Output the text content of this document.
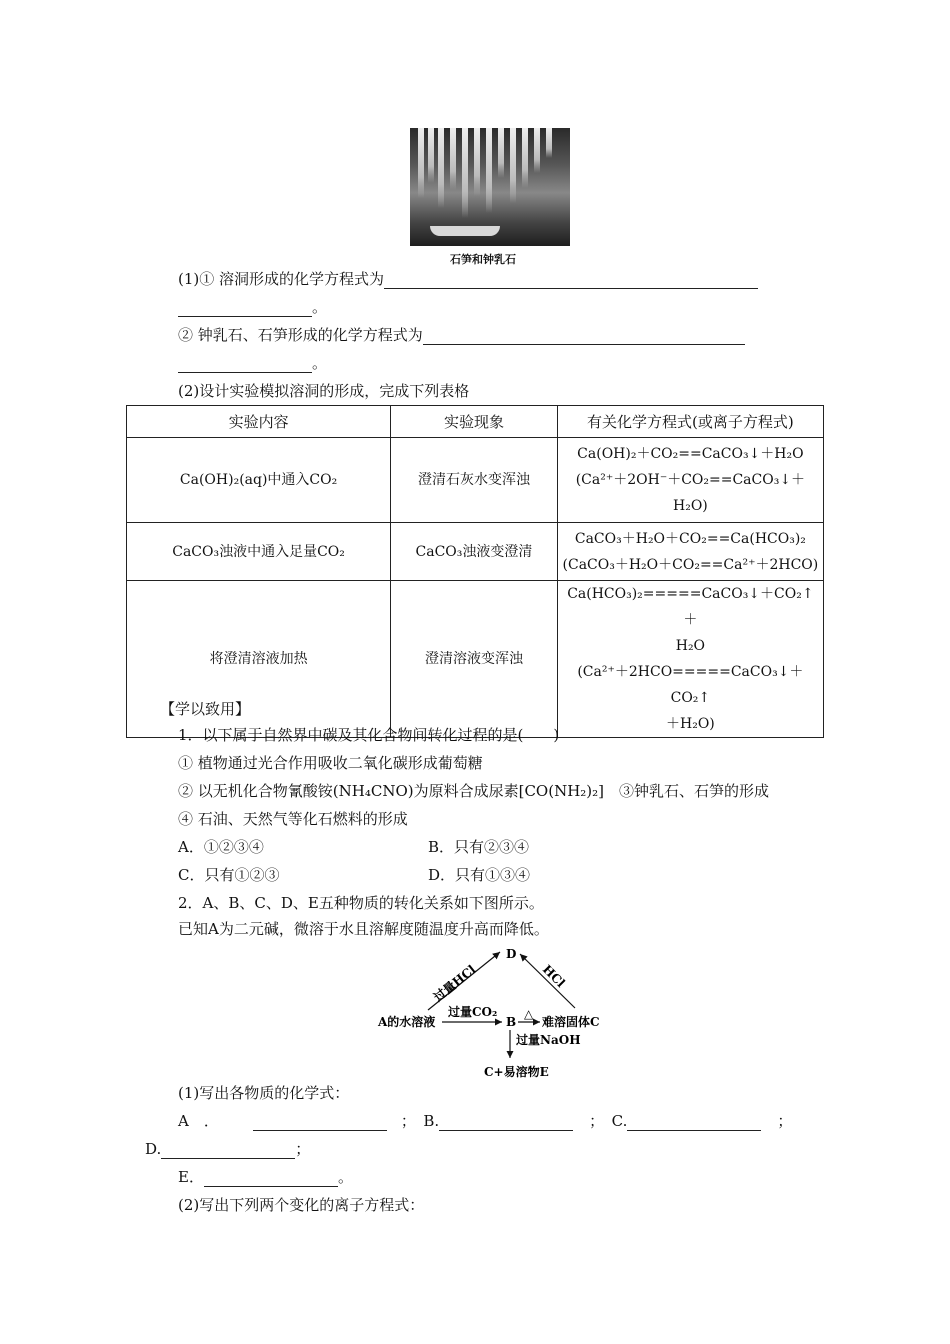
石笋和钟乳石
(1)① 溶洞形成的化学方程式为
。
② 钟乳石、石笋形成的化学方程式为
。
(2)设计实验模拟溶洞的形成，完成下列表格
实验内容	实验现象	有关化学方程式(或离子方程式)
Ca(OH)₂(aq)中通入CO₂	澄清石灰水变浑浊	Ca(OH)₂＋CO₂==CaCO₃↓＋H₂O
(Ca²⁺＋2OH⁻＋CO₂==CaCO₃↓＋
H₂O)

CaCO₃浊液中通入足量CO₂	CaCO₃浊液变澄清	CaCO₃＋H₂O＋CO₂==Ca(HCO₃)₂
(CaCO₃＋H₂O＋CO₂==Ca²⁺＋2HCO)

将澄清溶液加热	澄清溶液变浑浊	Ca(HCO₃)₂=====CaCO₃↓＋CO₂↑＋
H₂O
(Ca²⁺＋2HCO=====CaCO₃↓＋CO₂↑
＋H₂O)
【学以致用】
1．以下属于自然界中碳及其化合物间转化过程的是(　　)
① 植物通过光合作用吸收二氧化碳形成葡萄糖
② 以无机化合物氰酸铵(NH₄CNO)为原料合成尿素[CO(NH₂)₂]　③钟乳石、石笋的形成
④ 石油、天然气等化石燃料的形成
A．①②③④	B．只有②③④
C．只有①②③	D．只有①③④
2．A、B、C、D、E五种物质的转化关系如下图所示。
已知A为二元碱，微溶于水且溶解度随温度升高而降低。
D
过量HCl	HCl
A的水溶液
过量CO₂
B
△
难溶固体C
过量NaOH
C+易溶物E
(1)写出各物质的化学式：
A　．	；　B.	；　C.	；
D.	；
E．	。
(2)写出下列两个变化的离子方程式：
